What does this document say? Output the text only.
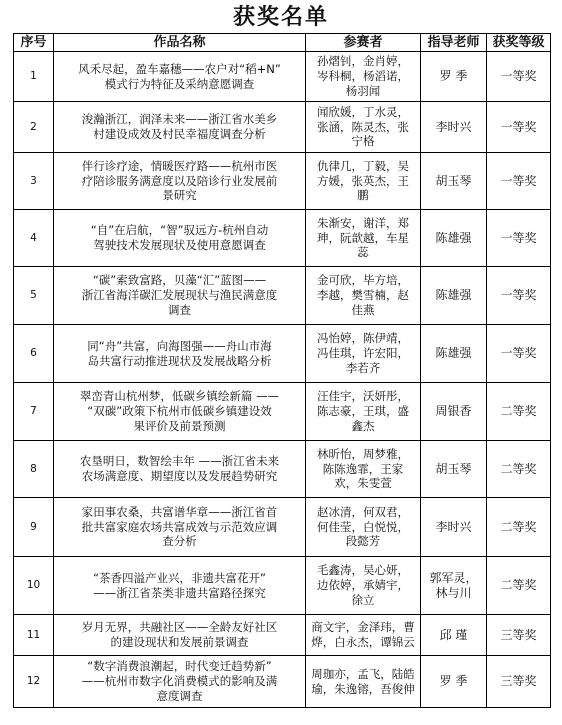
获奖名单
序号	作品名称	参赛者	指导老师	获奖等级
1	风禾尽起，盈车嘉穗——农户对“稻+N”
模式行为特征及采纳意愿调查	孙熠钊，金肖婷，
岑科桐，杨滔诺，
杨羽闻	罗 季	一等奖
2	浚瀚浙江，润泽未来——浙江省水美乡
村建设成效及村民幸福度调查分析	闻欣媛，丁水灵，
张涵，陈灵杰，张
宁格	李时兴	一等奖
3	伴行诊疗途，情暖医疗路——杭州市医
疗陪诊服务满意度以及陪诊行业发展前
景研究	仇律几，丁毅，吴
方媛，张英杰，王
鹏	胡玉琴	一等奖
4	“自”在启航，“智”驭远方-杭州自动
驾驶技术发展现状及使用意愿调查	朱渐安，谢洋，郑
珅，阮歆越，车星
蕊	陈雄强	一等奖
5	“碳”索致富路，贝藻“汇”蓝图——
浙江省海洋碳汇发展现状与渔民满意度
调查	金可欣，毕方培，
李越，樊雪楠，赵
佳燕	陈雄强	一等奖
6	同“舟”共富，向海图强——舟山市海
岛共富行动推进现状及发展战略分析	冯怡婷，陈伊靖，
冯佳琪，许宏阳，
李若齐	陈雄强	一等奖
7	翠峦青山杭州梦，低碳乡镇绘新篇 ——
“双碳”政策下杭州市低碳乡镇建设效
果评价及前景预测	汪佳宇，沃妍彤，
陈志豪，王琪，盛
鑫杰	周银香	二等奖
8	农垦明日，数智绘丰年 ——浙江省未来
农场满意度、期望度以及发展趋势研究	林昕怡，周梦雅，
陈陈逸霏，王家
欢，朱雯萱	胡玉琴	二等奖
9	家田事农桑，共富谱华章——浙江省首
批共富家庭农场共富成效与示范效应调
查分析	赵冰清，何双君，
何佳莹，白悦悦，
段懿芳	李时兴	二等奖
10	“茶香四溢产业兴，非遗共富花开”
——浙江省茶类非遗共富路径探究	毛鑫涛，吴心妍，
边依婷，承婧宇，
徐立	郭军灵，
林与川	二等奖
11	岁月无界，共融社区——全龄友好社区
的建设现状和发展前景调查	商文宇，金泽玮，曹
烨，白永杰，谭锦云	邱 瑾	三等奖
12	“数字消费浪潮起，时代变迁趋势新”
——杭州市数字化消费模式的影响及满
意度调查	周珈亦，孟飞，陆皓
瑜，朱逸镕，吾俊伸	罗 季	三等奖
